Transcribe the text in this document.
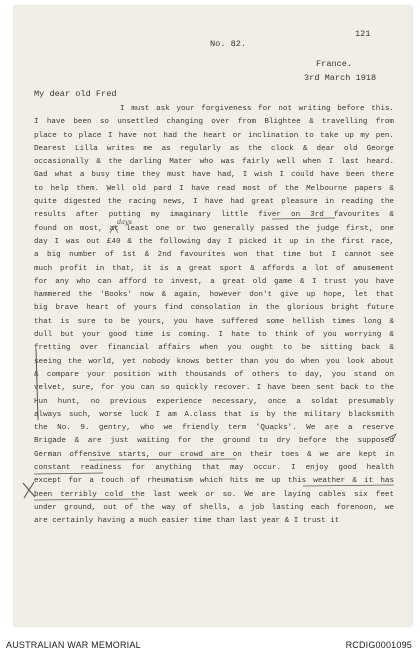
121
No. 82.
France.
3rd March 1918
My dear old Fred
I must ask your forgiveness for not writing before this.
I have been so unsettled changing over from Blightee & travelling from
place to place I have not had the heart or inclination to take up my pen.
Dearest Lilla writes me as regularly as the clock & dear old George
occasionally & the darling Mater who was fairly well when I last heard.
Gad what a busy time they must have had, I wish I could have been there
to help them. Well old pard I have read most of the Melbourne papers &
quite digested the racing news, I have had great pleasure in reading the
results after putting my imaginary little fiver on 3rd favourites &
found on most, at least one or two generally passed the judge first, one
day I was out £40 & the following day I picked it up in the first race,
a big number of 1st & 2nd favourites won that time but I cannot see
much profit in that, it is a great sport & affords a lot of amusement
for any who can afford to invest, a great old game & I trust you have
hammered the 'Books' now & again, however don't give up hope, let that
big brave heart of yours find consolation in the glorious bright future
that is sure to be yours, you have suffered some hellish times long &
dull but your good time is coming. I hate to think of you worrying &
fretting over financial affairs when you ought to be sitting back &
seeing the world, yet nobody knows better than you do when you look about
& compare your position with thousands of others to day, you stand on
velvet, sure, for you can so quickly recover. I have been sent back to the
Hun hunt, no previous experience necessary, once a soldat presumably
always such, worse luck I am A.class that is by the military blacksmith
the No. 9. gentry, who we friendly term 'Quacks'. We are a reserve
Brigade & are just waiting for the ground to dry before the supposed
German offensive starts, our crowd are on their toes & we are kept in
constant readiness for anything that may occur. I enjoy good health
except for a touch of rheumatism which hits me up this weather & it has
been terribly cold the last week or so. We are laying cables six feet
under ground, out of the way of shells, a job lasting each forenoon, we
are certainly having a much easier time than last year & I trust it
days
AUSTRALIAN WAR MEMORIAL	RCDIG0001095
